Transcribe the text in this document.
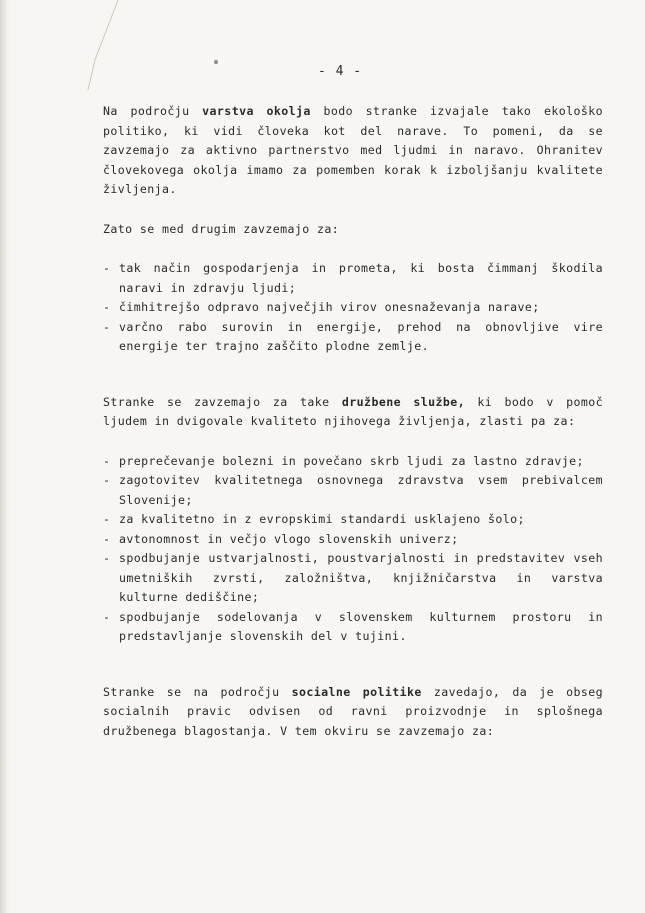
- 4 -

Na področju varstva okolja bodo stranke izvajale tako ekološko politiko, ki vidi človeka kot del narave. To pomeni, da se zavzemajo za aktivno partnerstvo med ljudmi in naravo. Ohranitev človekovega okolja imamo za pomemben korak k izboljšanju kvalitete življenja.

Zato se med drugim zavzemajo za:

- tak način gospodarjenja in prometa, ki bosta čimmanj škodila naravi in zdravju ljudi;
- čimhitrejšo odpravo največjih virov onesnaževanja narave;
- varčno rabo surovin in energije, prehod na obnovljive vire energije ter trajno zaščito plodne zemlje.

Stranke se zavzemajo za take družbene službe, ki bodo v pomoč ljudem in dvigovale kvaliteto njihovega življenja, zlasti pa za:

- preprečevanje bolezni in povečano skrb ljudi za lastno zdravje;
- zagotovitev kvalitetnega osnovnega zdravstva vsem prebivalcem Slovenije;
- za kvalitetno in z evropskimi standardi usklajeno šolo;
- avtonomnost in večjo vlogo slovenskih univerz;
- spodbujanje ustvarjalnosti, poustvarjalnosti in predstavitev vseh umetniških zvrsti, založništva, knjižničarstva in varstva kulturne dediščine;
- spodbujanje sodelovanja v slovenskem kulturnem prostoru in predstavljanje slovenskih del v tujini.

Stranke se na področju socialne politike zavedajo, da je obseg socialnih pravic odvisen od ravni proizvodnje in splošnega družbenega blagostanja. V tem okviru se zavzemajo za:
